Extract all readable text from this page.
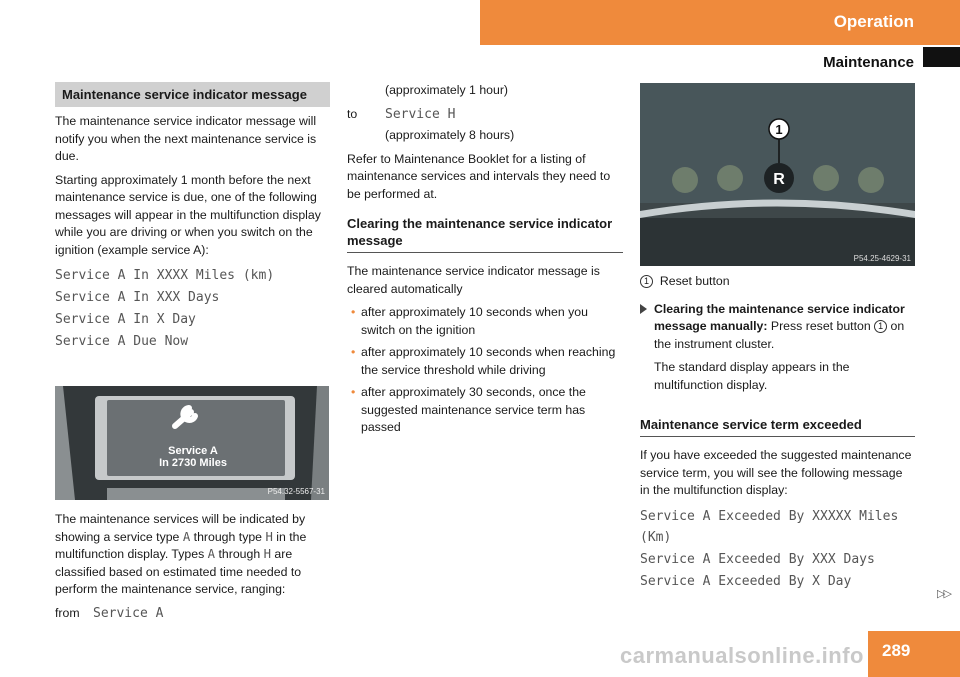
Operation
Maintenance
Maintenance service indicator message

The maintenance service indicator message will notify you when the next maintenance service is due.

Starting approximately 1 month before the next maintenance service is due, one of the following messages will appear in the multifunction display while you are driving or when you switch on the ignition (example service A):

Service A In XXXX Miles (km)
Service A In XXX Days
Service A In X Day
Service A Due Now
Service A
In 2730 Miles
P54.32-5567-31

The maintenance services will be indicated by showing a service type A through type H in the multifunction display. Types A through H are classified based on estimated time needed to perform the maintenance service, ranging:

from	Service A

(approximately 1 hour)

to	Service H

(approximately 8 hours)

Refer to Maintenance Booklet for a listing of maintenance services and intervals they need to be performed at.

Clearing the maintenance service indicator message

The maintenance service indicator message is cleared automatically

• after approximately 10 seconds when you switch on the ignition
• after approximately 10 seconds when reaching the service threshold while driving
• after approximately 30 seconds, once the suggested maintenance service term has passed
R
1
P54.25-4629-31

1 Reset button

Clearing the maintenance service indicator message manually: Press reset button 1 on the instrument cluster.

The standard display appears in the multifunction display.

Maintenance service term exceeded

If you have exceeded the suggested maintenance service term, you will see the following message in the multifunction display:

Service A Exceeded By XXXXX Miles (Km)
Service A Exceeded By XXX Days
Service A Exceeded By X Day
▷▷
carmanualsonline.info 289
